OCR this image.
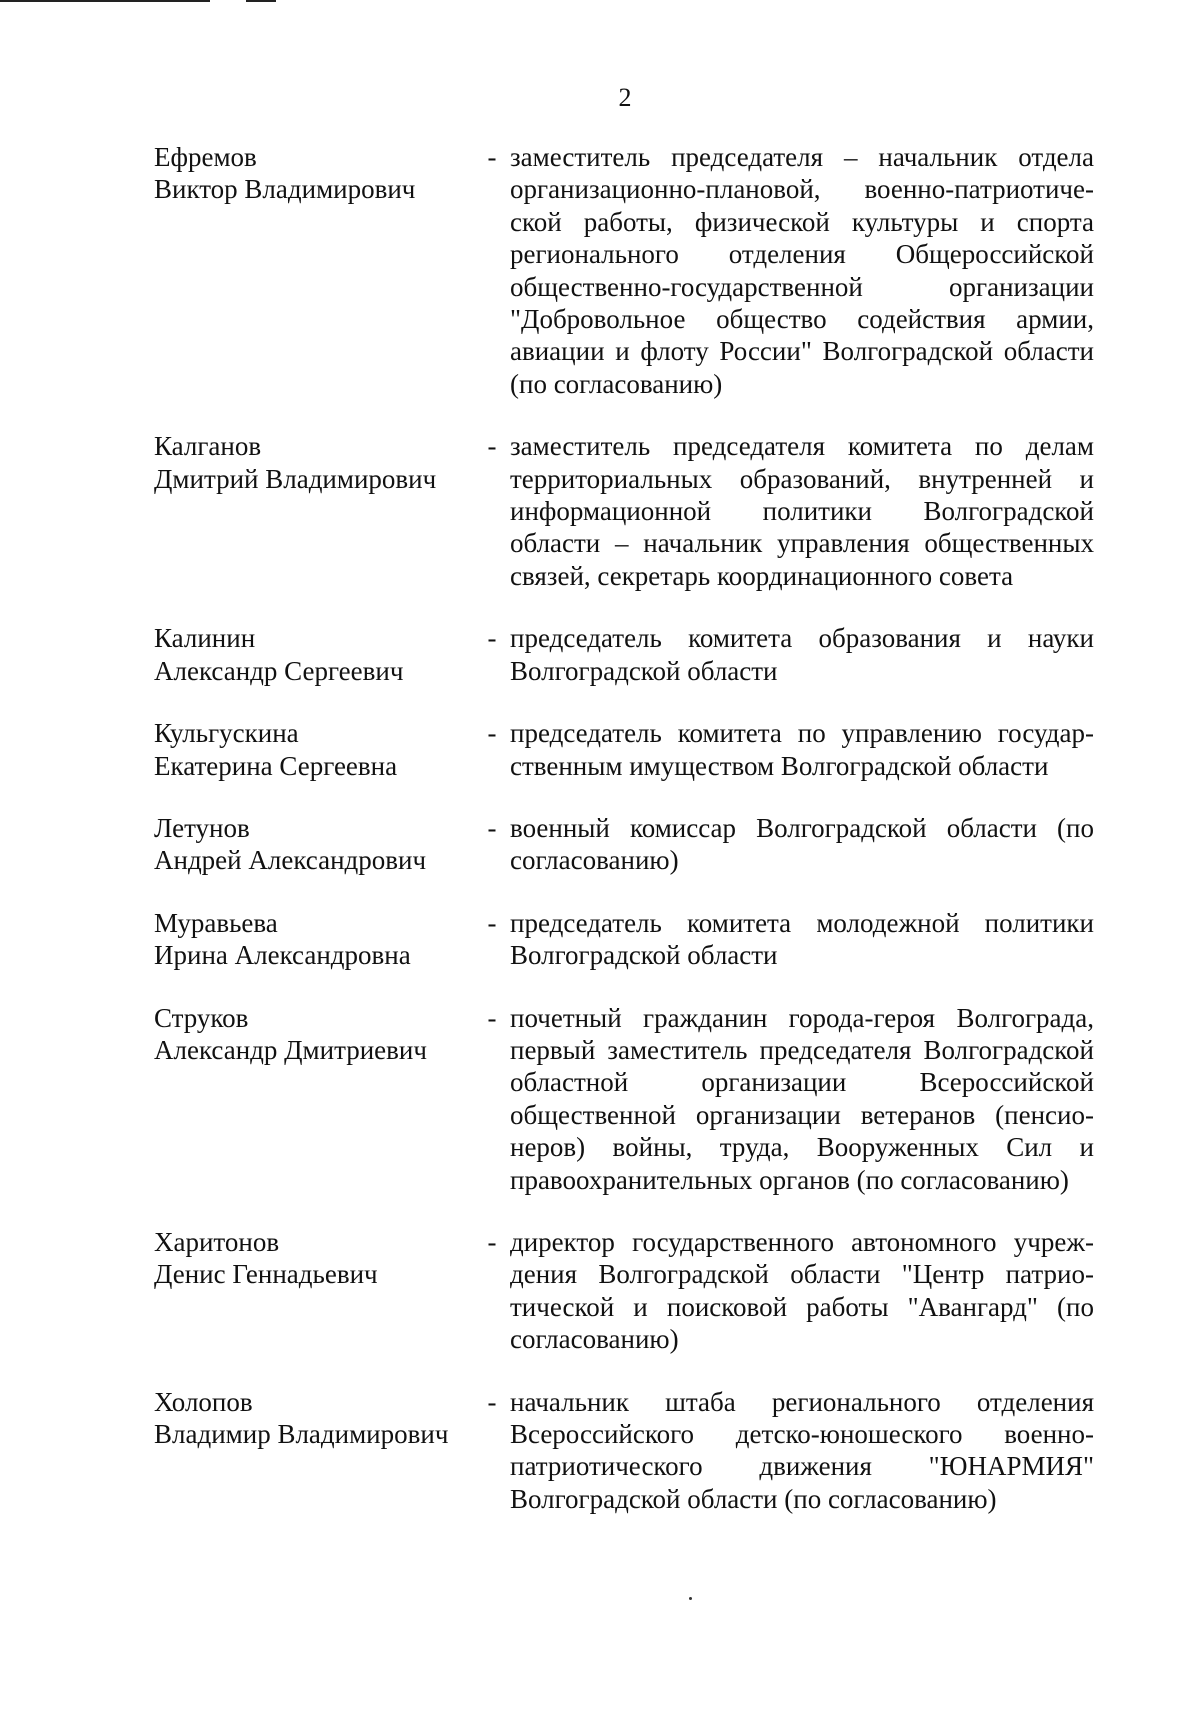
2
Ефремов
Виктор Владимирович
- заместитель председателя – начальник отдела организационно-плановой, военно-патриотической работы, физической культуры и спорта регионального отделения Общероссийской общественно-государственной организации "Добровольное общество содействия армии, авиации и флоту России" Волгоградской области (по согласованию)
Калганов
Дмитрий Владимирович
- заместитель председателя комитета по делам территориальных образований, внутренней и информационной политики Волгоградской области – начальник управления общественных связей, секретарь координационного совета
Калинин
Александр Сергеевич
- председатель комитета образования и науки Волгоградской области
Кульгускина
Екатерина Сергеевна
- председатель комитета по управлению государственным имуществом Волгоградской области
Летунов
Андрей Александрович
- военный комиссар Волгоградской области (по согласованию)
Муравьева
Ирина Александровна
- председатель комитета молодежной политики Волгоградской области
Струков
Александр Дмитриевич
- почетный гражданин города-героя Волгограда, первый заместитель председателя Волгоградской областной организации Всероссийской общественной организации ветеранов (пенсионеров) войны, труда, Вооруженных Сил и правоохранительных органов (по согласованию)
Харитонов
Денис Геннадьевич
- директор государственного автономного учреждения Волгоградской области "Центр патриотической и поисковой работы "Авангард" (по согласованию)
Холопов
Владимир Владимирович
- начальник штаба регионального отделения Всероссийского детско-юношеского военно-патриотического движения "ЮНАРМИЯ" Волгоградской области (по согласованию)
